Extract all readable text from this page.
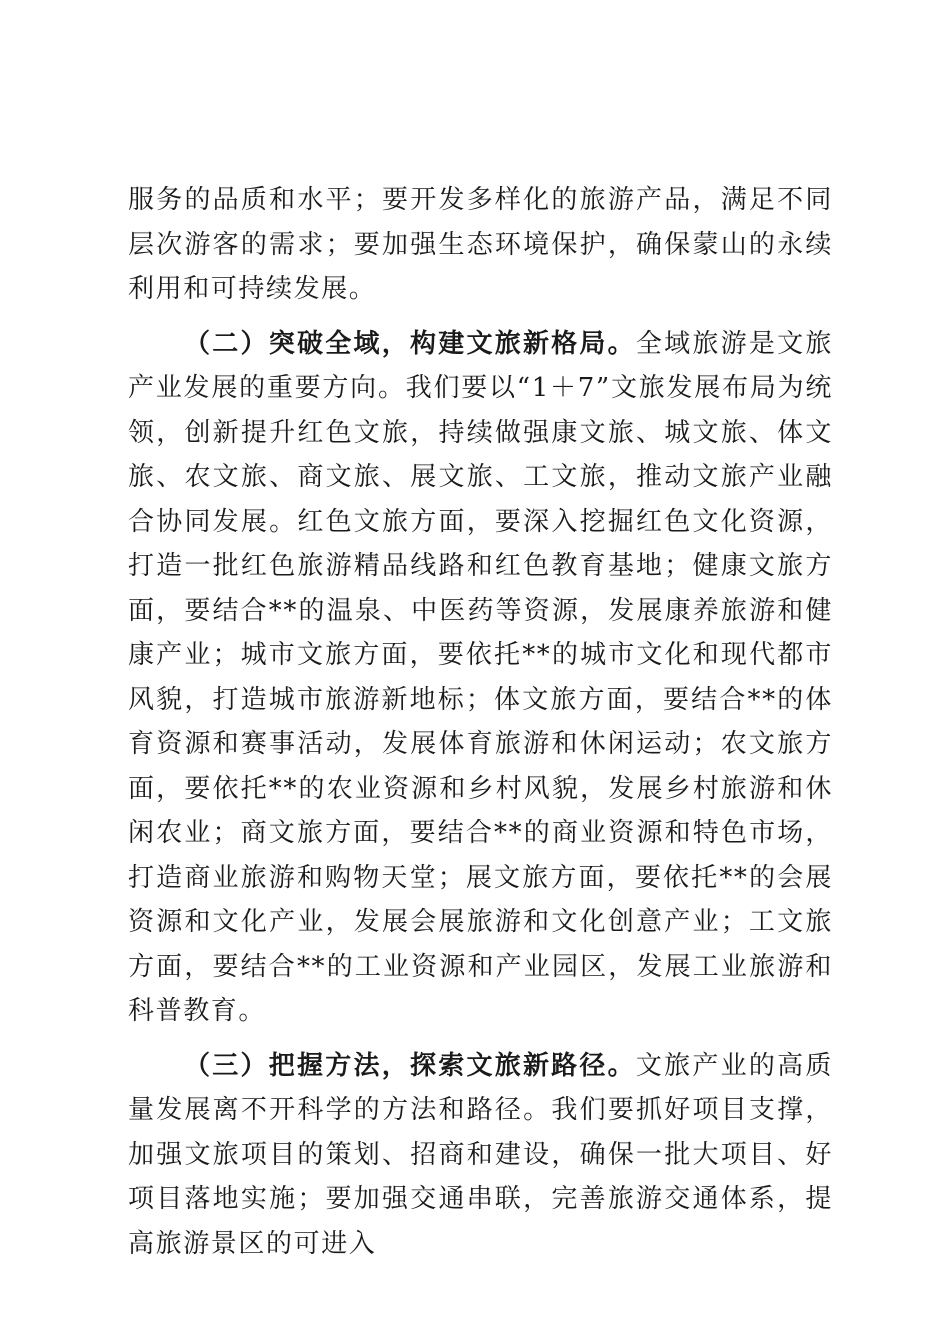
服务的品质和水平；要开发多样化的旅游产品，满足不同层次游客的需求；要加强生态环境保护，确保蒙山的永续利用和可持续发展。

（二）突破全域，构建文旅新格局。全域旅游是文旅产业发展的重要方向。我们要以“1＋7”文旅发展布局为统领，创新提升红色文旅，持续做强康文旅、城文旅、体文旅、农文旅、商文旅、展文旅、工文旅，推动文旅产业融合协同发展。红色文旅方面，要深入挖掘红色文化资源，打造一批红色旅游精品线路和红色教育基地；健康文旅方面，要结合**的温泉、中医药等资源，发展康养旅游和健康产业；城市文旅方面，要依托**的城市文化和现代都市风貌，打造城市旅游新地标；体文旅方面，要结合**的体育资源和赛事活动，发展体育旅游和休闲运动；农文旅方面，要依托**的农业资源和乡村风貌，发展乡村旅游和休闲农业；商文旅方面，要结合**的商业资源和特色市场，打造商业旅游和购物天堂；展文旅方面，要依托**的会展资源和文化产业，发展会展旅游和文化创意产业；工文旅方面，要结合**的工业资源和产业园区，发展工业旅游和科普教育。

（三）把握方法，探索文旅新路径。文旅产业的高质量发展离不开科学的方法和路径。我们要抓好项目支撑，加强文旅项目的策划、招商和建设，确保一批大项目、好项目落地实施；要加强交通串联，完善旅游交通体系，提高旅游景区的可进入
